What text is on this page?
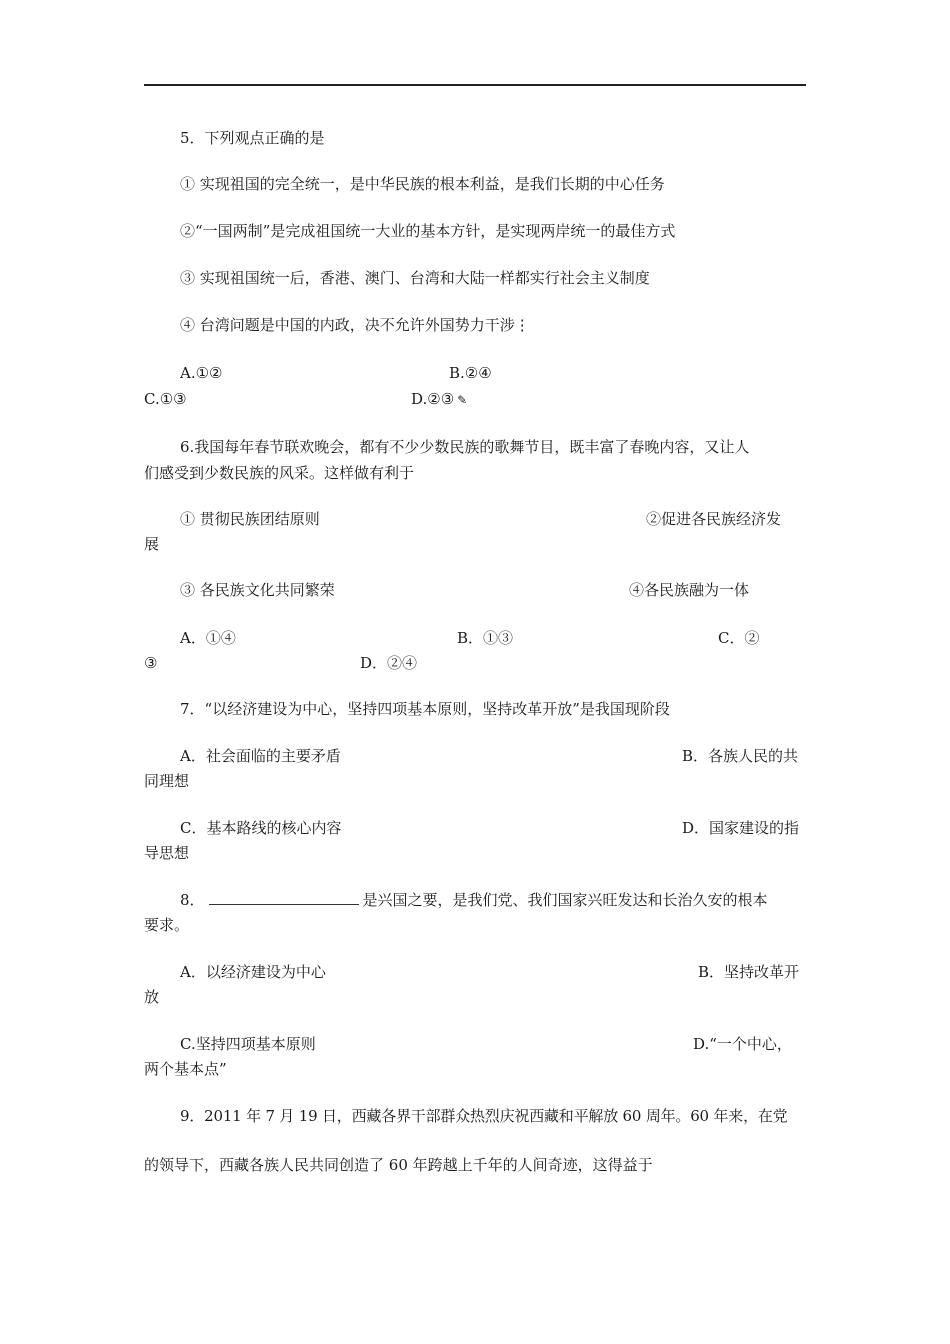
5．下列观点正确的是
① 实现祖国的完全统一，是中华民族的根本利益，是我们长期的中心任务
②“一国两制”是完成祖国统一大业的基本方针，是实现两岸统一的最佳方式
③ 实现祖国统一后，香港、澳门、台湾和大陆一样都实行社会主义制度
④ 台湾问题是中国的内政，决不允许外国势力干涉⋮
A.①②	B.②④
C.①③	D.②③ ✎
6.我国每年春节联欢晚会，都有不少少数民族的歌舞节目，既丰富了春晚内容，又让人
们感受到少数民族的风采。这样做有利于
① 贯彻民族团结原则	②促进各民族经济发
展
③ 各民族文化共同繁荣	④各民族融为一体
A．①④	B．①③	C．②
③	D．②④
7．“以经济建设为中心，坚持四项基本原则，坚持改革开放”是我国现阶段
A．社会面临的主要矛盾	B．各族人民的共
同理想
C．基本路线的核心内容	D．国家建设的指
导思想
8．	是兴国之要，是我们党、我们国家兴旺发达和长治久安的根本
要求。
A．以经济建设为中心	B．坚持改革开
放
C.坚持四项基本原则	D.“一个中心，
两个基本点”
9．2011 年 7 月 19 日，西藏各界干部群众热烈庆祝西藏和平解放 60 周年。60 年来，在党
的领导下，西藏各族人民共同创造了 60 年跨越上千年的人间奇迹，这得益于
